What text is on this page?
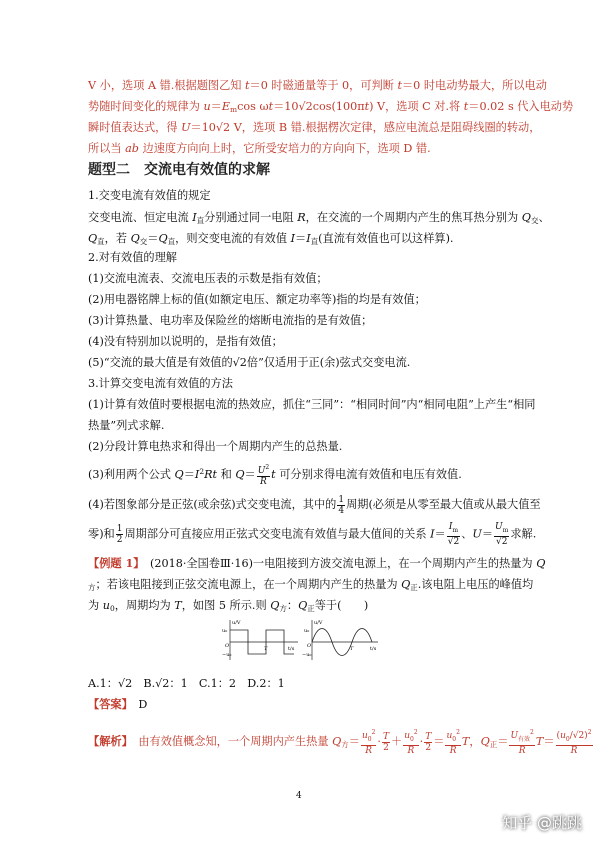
V 小，选项 A 错.根据题图乙知 t＝0 时磁通量等于 0，可判断 t＝0 时电动势最大，所以电动
势随时间变化的规律为 $u=E_m\cos$ ωt＝10√2cos(100πt) V，选项 C 对.将 t＝0.02 s 代入电动势
瞬时值表达式，得 U＝10√2 V，选项 B 错.根据楞次定律，感应电流总是阻碍线圈的转动，
所以当 ab 边速度方向向上时，它所受安培力的方向向下，选项 D 错.
题型二　交流电有效值的求解
1.交变电流有效值的规定
交变电流、恒定电流 $I_直$分别通过同一电阻 R，在交流的一个周期内产生的焦耳热分别为 $Q_交$、
$Q_直$，若 $Q_交=Q_直$，则交变电流的有效值 $I=I_直$(直流有效值也可以这样算).
2.对有效值的理解
(1)交流电流表、交流电压表的示数是指有效值；
(2)用电器铭牌上标的值(如额定电压、额定功率等)指的均是有效值；
(3)计算热量、电功率及保险丝的熔断电流指的是有效值；
(4)没有特别加以说明的，是指有效值；
(5)“交流的最大值是有效值的√2倍”仅适用于正(余)弦式交变电流.
3.计算交变电流有效值的方法
(1)计算有效值时要根据电流的热效应，抓住“三同”：“相同时间”内“相同电阻”上产生“相同
热量”列式求解.
(2)分段计算电热求和得出一个周期内产生的总热量.
(3)利用两个公式 $Q=I^2Rt$ 和 $Q= \frac{U^2}{R}$ t 可分别求得电流有效值和电压有效值.
(4)若图象部分是正弦(或余弦)式交变电流，其中的 $\frac{1}{4}$ 周期(必须是从零至最大值或从最大值至
零)和 $\frac{1}{2}$ 周期部分可直接应用正弦式交变电流有效值与最大值间的关系 $I= \frac{I_m}{√2}$ 、$U= \frac{U_m}{√2}$ 求解.
【例题 1】　(2018·全国卷Ⅲ·16)一电阻接到方波交流电源上，在一个周期内产生的热量为 Q
$_方$；若该电阻接到正弦交流电源上，在一个周期内产生的热量为 $Q_正$.该电阻上电压的峰值均
为 $u_0$，周期均为 T，如图 5 所示.则 $Q_方$：$Q_正$等于(　　)
u/V
u₀
−u₀
O	T	t/s
u/V
u₀
−u₀
O	T	t/s
A.1：√2　B.√2：1　C.1：2　D.2：1
【答案】　 D
【解析】　由有效值概念知，一个周期内产生热量 $Q_方= \frac{u_0^2}{R} \cdot \frac{T}{2} + \frac{u_0^2}{R} \cdot \frac{T}{2} = \frac{u_0^2}{R}$ T，$Q_正= \frac{U_{有效}^2}{R} T= \frac{(u_0/√2)^2}{R}$
4
知乎 @跳跳
